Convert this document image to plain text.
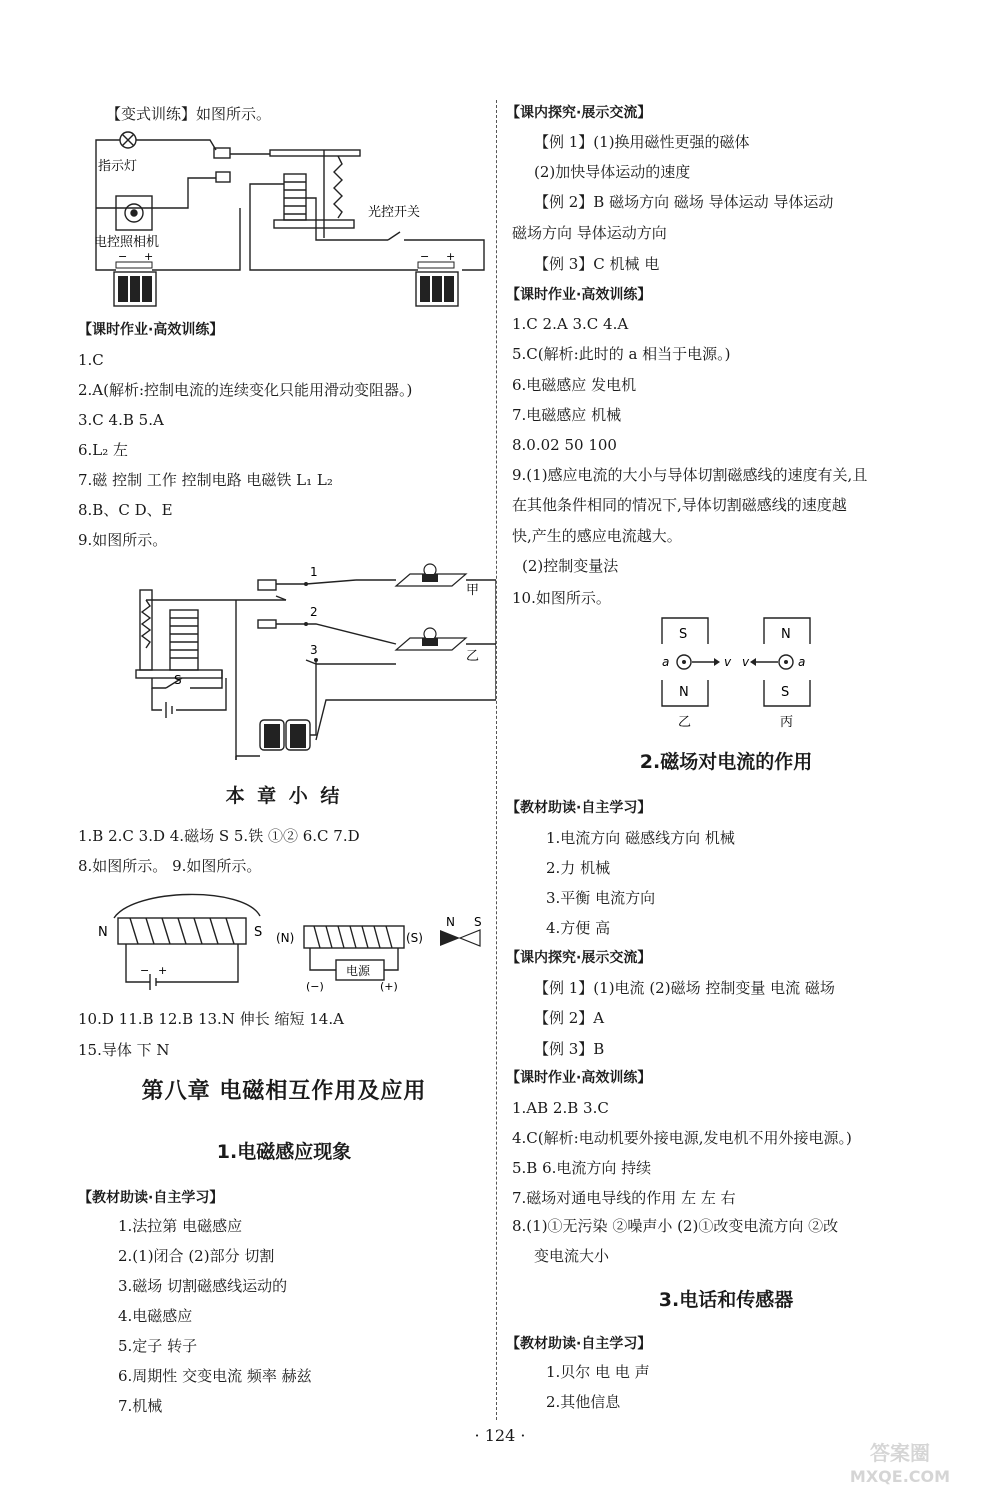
【变式训练】如图所示。
指示灯
电控照相机
光控开关
− +	− +
【课时作业·高效训练】
1.C
2.A(解析:控制电流的连续变化只能用滑动变阻器。)
3.C 4.B 5.A
6.L₂ 左
7.磁 控制 工作 控制电路 电磁铁 L₁ L₂
8.B、C D、E
9.如图所示。
1
2
3
甲
乙
S
本 章 小 结
1.B 2.C 3.D 4.磁场 S 5.铁 ①② 6.C 7.D
8.如图所示。 9.如图所示。
N	S (N)	(S)
电源
(−)	(+)
− +
N S
10.D 11.B 12.B 13.N 伸长 缩短 14.A
15.导体 下 N
第八章 电磁相互作用及应用
1.电磁感应现象
【教材助读·自主学习】
1.法拉第 电磁感应
2.(1)闭合 (2)部分 切割
3.磁场 切割磁感线运动的
4.电磁感应
5.定子 转子
6.周期性 交变电流 频率 赫兹
7.机械
【课内探究·展示交流】
【例 1】(1)换用磁性更强的磁体
(2)加快导体运动的速度
【例 2】B 磁场方向 磁场 导体运动 导体运动
磁场方向 导体运动方向
【例 3】C 机械 电
【课时作业·高效训练】
1.C 2.A 3.C 4.A
5.C(解析:此时的 a 相当于电源。)
6.电磁感应 发电机
7.电磁感应 机械
8.0.02 50 100
9.(1)感应电流的大小与导体切割磁感线的速度有关,且
在其他条件相同的情况下,导体切割磁感线的速度越
快,产生的感应电流越大。
(2)控制变量法
10.如图所示。
S
N
N
S
a	v v	a
乙	丙
2.磁场对电流的作用
【教材助读·自主学习】
1.电流方向 磁感线方向 机械
2.力 机械
3.平衡 电流方向
4.方便 高
【课内探究·展示交流】
【例 1】(1)电流 (2)磁场 控制变量 电流 磁场
【例 2】A
【例 3】B
【课时作业·高效训练】
1.AB 2.B 3.C
4.C(解析:电动机要外接电源,发电机不用外接电源。)
5.B 6.电流方向 持续
7.磁场对通电导线的作用 左 左 右
8.(1)①无污染 ②噪声小 (2)①改变电流方向 ②改
变电流大小
3.电话和传感器
【教材助读·自主学习】
1.贝尔 电 电 声
2.其他信息
· 124 ·
答案圈
MXQE.COM
